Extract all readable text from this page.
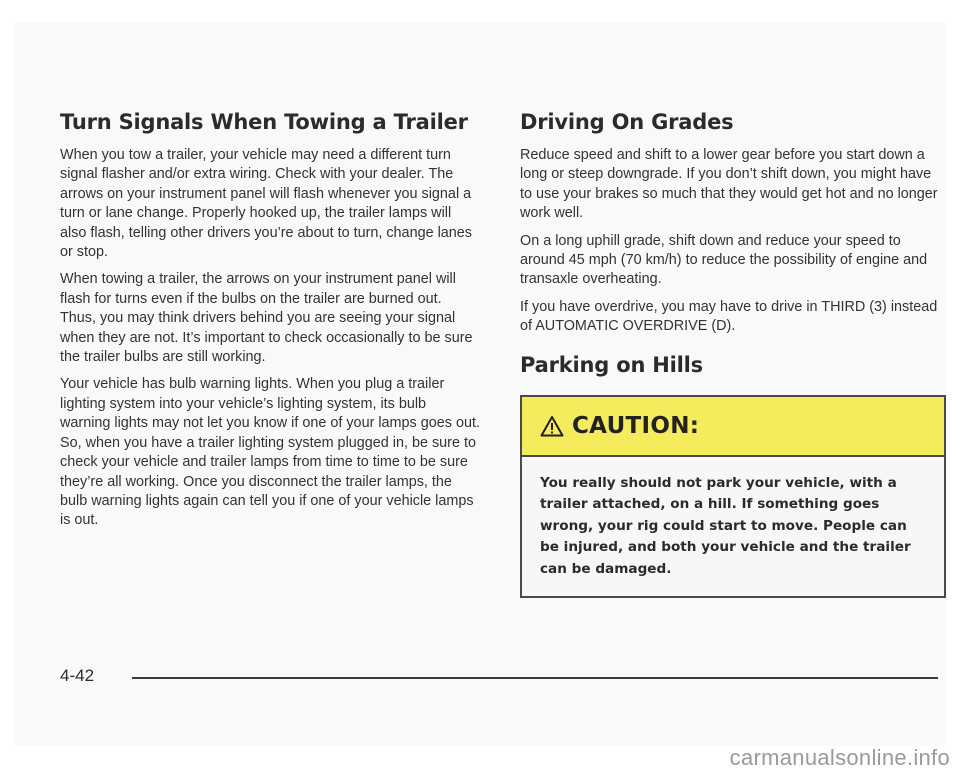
Turn Signals When Towing a Trailer

When you tow a trailer, your vehicle may need a different turn signal flasher and/or extra wiring. Check with your dealer. The arrows on your instrument panel will flash whenever you signal a turn or lane change. Properly hooked up, the trailer lamps will also flash, telling other drivers you’re about to turn, change lanes or stop.

When towing a trailer, the arrows on your instrument panel will flash for turns even if the bulbs on the trailer are burned out. Thus, you may think drivers behind you are seeing your signal when they are not. It’s important to check occasionally to be sure the trailer bulbs are still working.

Your vehicle has bulb warning lights. When you plug a trailer lighting system into your vehicle’s lighting system, its bulb warning lights may not let you know if one of your lamps goes out. So, when you have a trailer lighting system plugged in, be sure to check your vehicle and trailer lamps from time to time to be sure they’re all working. Once you disconnect the trailer lamps, the bulb warning lights again can tell you if one of your vehicle lamps is out.

Driving On Grades

Reduce speed and shift to a lower gear before you start down a long or steep downgrade. If you don’t shift down, you might have to use your brakes so much that they would get hot and no longer work well.

On a long uphill grade, shift down and reduce your speed to around 45 mph (70 km/h) to reduce the possibility of engine and transaxle overheating.

If you have overdrive, you may have to drive in THIRD (3) instead of AUTOMATIC OVERDRIVE (D).

Parking on Hills
CAUTION:
You really should not park your vehicle, with a trailer attached, on a hill. If something goes wrong, your rig could start to move. People can be injured, and both your vehicle and the trailer can be damaged.
4-42
carmanualsonline.info
